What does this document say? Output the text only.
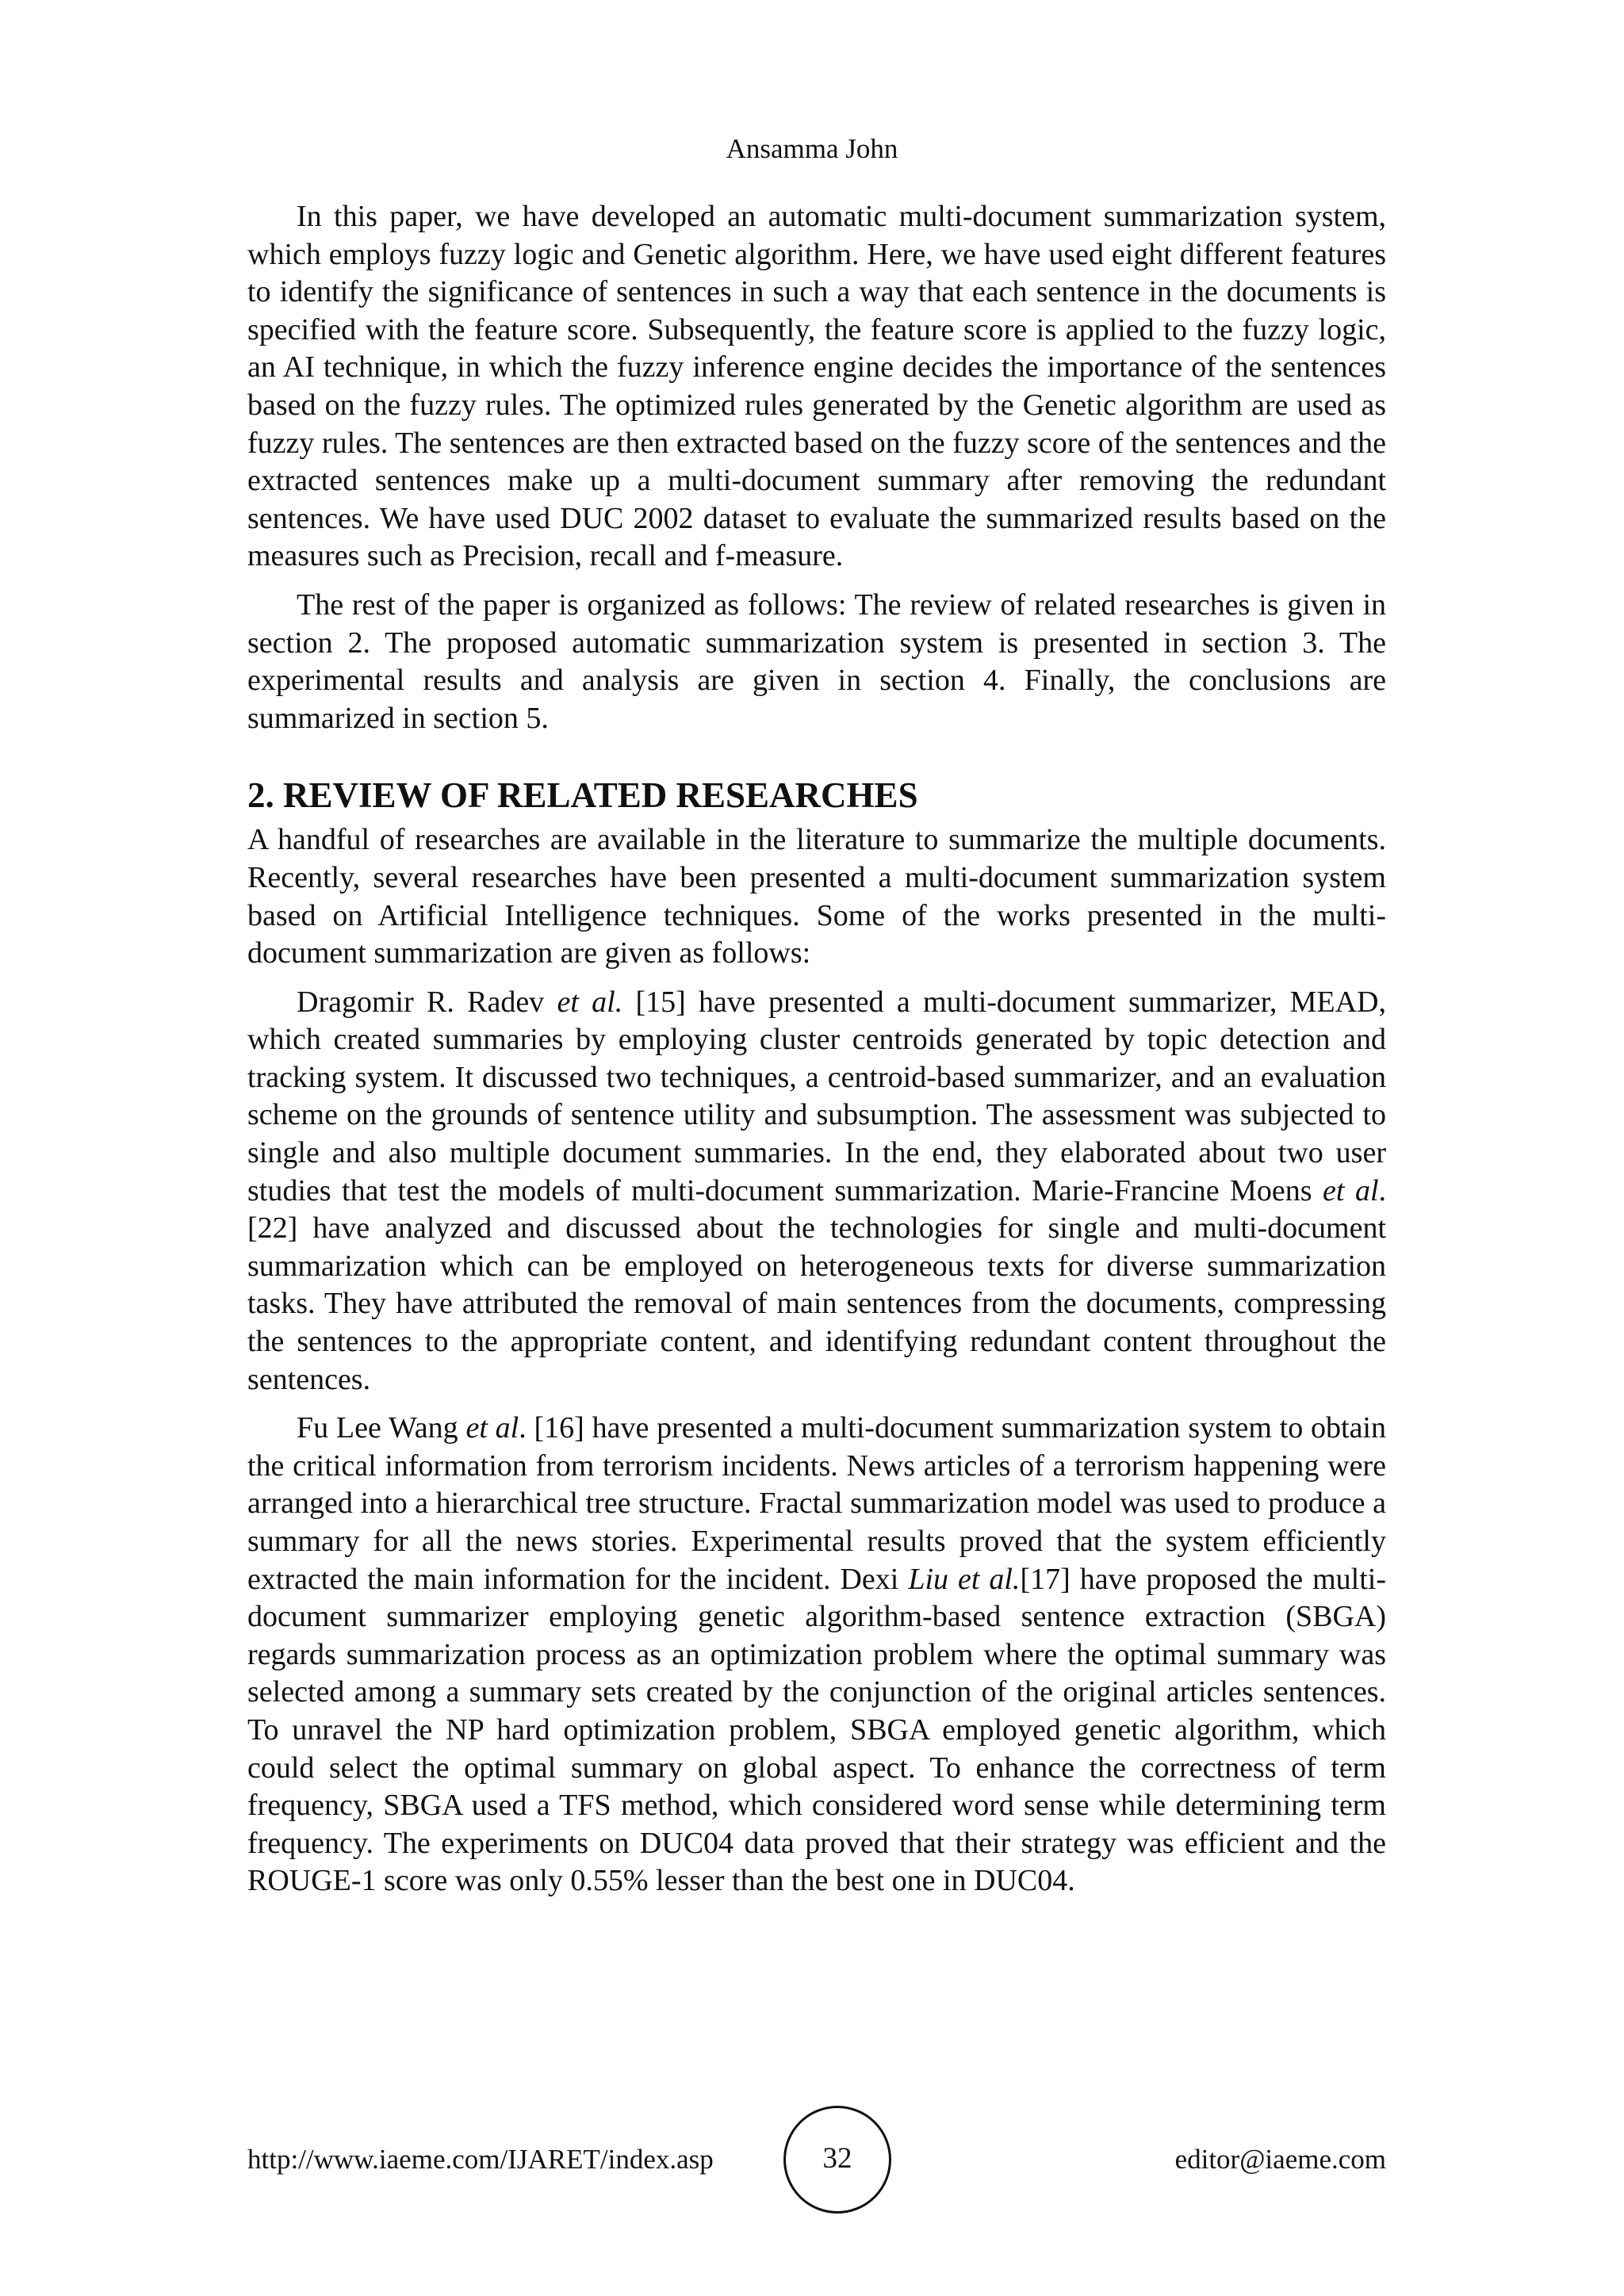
Ansamma John

In this paper, we have developed an automatic multi-document summarization system, which employs fuzzy logic and Genetic algorithm. Here, we have used eight different features to identify the significance of sentences in such a way that each sentence in the documents is specified with the feature score. Subsequently, the feature score is applied to the fuzzy logic, an AI technique, in which the fuzzy inference engine decides the importance of the sentences based on the fuzzy rules. The optimized rules generated by the Genetic algorithm are used as fuzzy rules. The sentences are then extracted based on the fuzzy score of the sentences and the extracted sentences make up a multi-document summary after removing the redundant sentences. We have used DUC 2002 dataset to evaluate the summarized results based on the measures such as Precision, recall and f-measure.

The rest of the paper is organized as follows: The review of related researches is given in section 2. The proposed automatic summarization system is presented in section 3. The experimental results and analysis are given in section 4. Finally, the conclusions are summarized in section 5.

2. REVIEW OF RELATED RESEARCHES

A handful of researches are available in the literature to summarize the multiple documents. Recently, several researches have been presented a multi-document summarization system based on Artificial Intelligence techniques. Some of the works presented in the multi-document summarization are given as follows:

Dragomir R. Radev et al. [15] have presented a multi-document summarizer, MEAD, which created summaries by employing cluster centroids generated by topic detection and tracking system. It discussed two techniques, a centroid-based summarizer, and an evaluation scheme on the grounds of sentence utility and subsumption. The assessment was subjected to single and also multiple document summaries. In the end, they elaborated about two user studies that test the models of multi-document summarization. Marie-Francine Moens et al. [22] have analyzed and discussed about the technologies for single and multi-document summarization which can be employed on heterogeneous texts for diverse summarization tasks. They have attributed the removal of main sentences from the documents, compressing the sentences to the appropriate content, and identifying redundant content throughout the sentences.

Fu Lee Wang et al. [16] have presented a multi-document summarization system to obtain the critical information from terrorism incidents. News articles of a terrorism happening were arranged into a hierarchical tree structure. Fractal summarization model was used to produce a summary for all the news stories. Experimental results proved that the system efficiently extracted the main information for the incident. Dexi Liu et al.[17] have proposed the multi-document summarizer employing genetic algorithm-based sentence extraction (SBGA) regards summarization process as an optimization problem where the optimal summary was selected among a summary sets created by the conjunction of the original articles sentences. To unravel the NP hard optimization problem, SBGA employed genetic algorithm, which could select the optimal summary on global aspect. To enhance the correctness of term frequency, SBGA used a TFS method, which considered word sense while determining term frequency. The experiments on DUC04 data proved that their strategy was efficient and the ROUGE-1 score was only 0.55% lesser than the best one in DUC04.

http://www.iaeme.com/IJARET/index.asp	32	editor@iaeme.com
